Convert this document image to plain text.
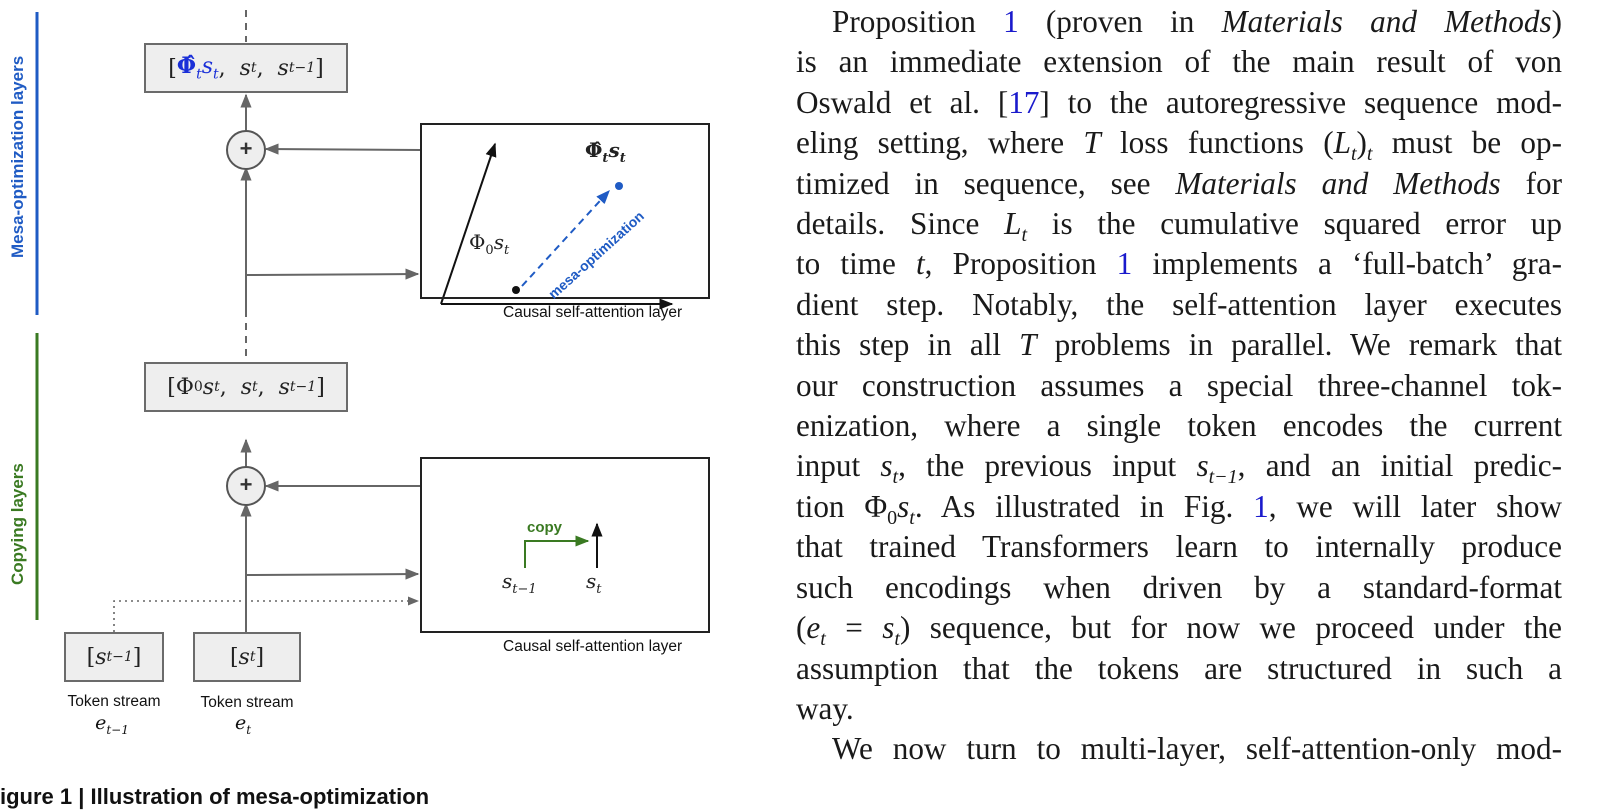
Mesa-optimization layers
Copying layers
[ $\Phî_ts_t$ , s t , s t−1 ]
[ Φ 0 s t , s t , s t−1 ]
+
+
Causal self-attention layer
$\Phi_0s_t$
$\Phî_ts_t$
mesa-optimization
Causal self-attention layer
copy
$s_{t-1}$ $s_t$
[ s t−1 ]	[ s t ]
Token stream	Token stream
$e_{t-1}$	$e_t$
igure 1 | Illustration of mesa-optimization
Proposition 1 (proven in Materials and Methods)
is an immediate extension of the main result of von
Oswald et al. [17] to the autoregressive sequence mod-
eling setting, where T loss functions $(L_t)_t$ must be op-
timized in sequence, see Materials and Methods for
details. Since $L_t$ is the cumulative squared error up
to time t, Proposition 1 implements a ‘full-batch’ gra-
dient step. Notably, the self-attention layer executes
this step in all T problems in parallel. We remark that
our construction assumes a special three-channel tok-
enization, where a single token encodes the current
input $s_t$, the previous input $s_{t-1}$, and an initial predic-
tion $\Phi_0s_t$. As illustrated in Fig. 1, we will later show
that trained Transformers learn to internally produce
such encodings when driven by a standard-format
$(e_t = s_t)$ sequence, but for now we proceed under the
assumption that the tokens are structured in such a
way.
We now turn to multi-layer, self-attention-only mod-
